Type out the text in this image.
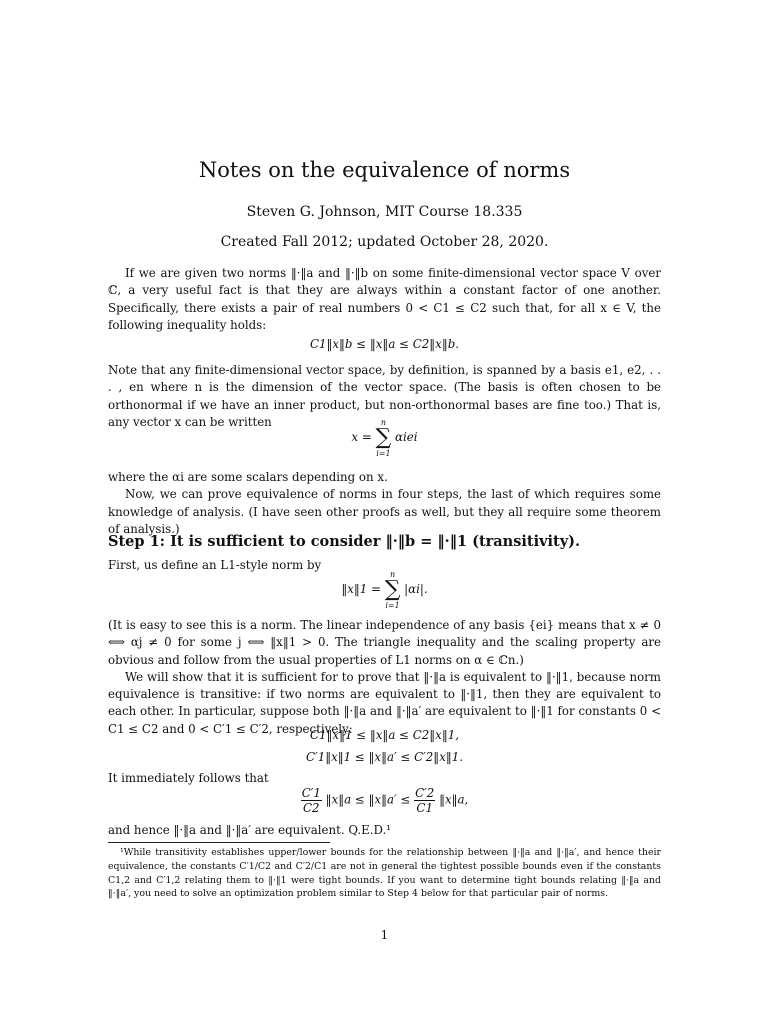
Notes on the equivalence of norms
Steven G. Johnson, MIT Course 18.335
Created Fall 2012; updated October 28, 2020.

If we are given two norms ‖·‖a and ‖·‖b on some finite-dimensional vector space V over ℂ, a very useful fact is that they are always within a constant factor of one another. Specifically, there exists a pair of real numbers 0 < C1 ≤ C2 such that, for all x ∈ V, the following inequality holds:

C1‖x‖b ≤ ‖x‖a ≤ C2‖x‖b.

Note that any finite-dimensional vector space, by definition, is spanned by a basis e1, e2, . . . , en where n is the dimension of the vector space. (The basis is often chosen to be orthonormal if we have an inner product, but non-orthonormal bases are fine too.) That is, any vector x can be written

x =
n
∑
i=1
αiei

where the αi are some scalars depending on x.

Now, we can prove equivalence of norms in four steps, the last of which requires some knowledge of analysis. (I have seen other proofs as well, but they all require some theorem of analysis.)

Step 1: It is sufficient to consider ‖·‖b = ‖·‖1 (transitivity).

First, us define an L1-style norm by

‖x‖1 =
n
∑
i=1
|αi|.

(It is easy to see this is a norm. The linear independence of any basis {ei} means that x ≠ 0 ⟺ αj ≠ 0 for some j ⟺ ‖x‖1 > 0. The triangle inequality and the scaling property are obvious and follow from the usual properties of L1 norms on α ∈ ℂn.)

We will show that it is sufficient for to prove that ‖·‖a is equivalent to ‖·‖1, because norm equivalence is transitive: if two norms are equivalent to ‖·‖1, then they are equivalent to each other. In particular, suppose both ‖·‖a and ‖·‖a′ are equivalent to ‖·‖1 for constants 0 < C1 ≤ C2 and 0 < C′1 ≤ C′2, respectively:

C1‖x‖1 ≤ ‖x‖a ≤ C2‖x‖1,
C′1‖x‖1 ≤ ‖x‖a′ ≤ C′2‖x‖1.

It immediately follows that

$\frac{C'1}{C2}$ ‖x‖a ≤ ‖x‖a′ ≤ $\frac{C'2}{C1}$ ‖x‖a,

and hence ‖·‖a and ‖·‖a′ are equivalent. Q.E.D.¹

¹While transitivity establishes upper/lower bounds for the relationship between ‖·‖a and ‖·‖a′, and hence their equivalence, the constants C′1/C2 and C′2/C1 are not in general the tightest possible bounds even if the constants C1,2 and C′1,2 relating them to ‖·‖1 were tight bounds. If you want to determine tight bounds relating ‖·‖a and ‖·‖a′, you need to solve an optimization problem similar to Step 4 below for that particular pair of norms.

1
